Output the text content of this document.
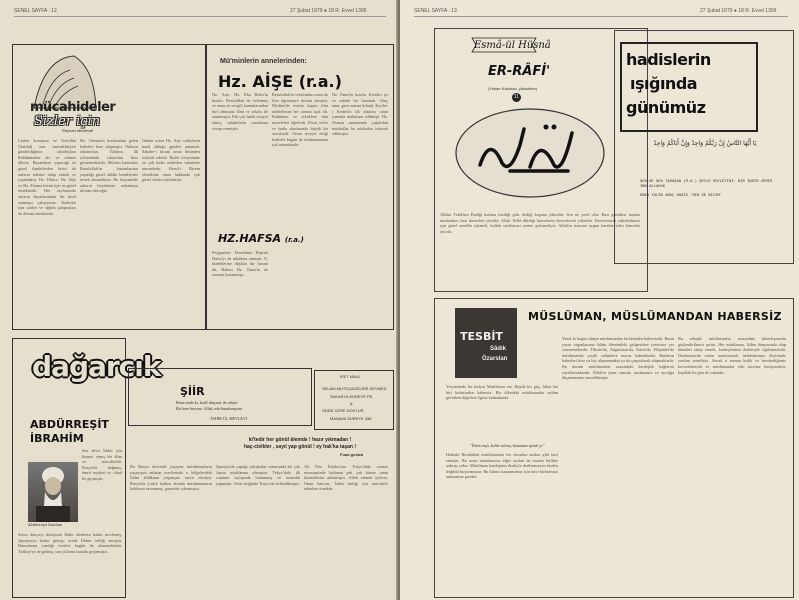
SENEL SAYFA : 12	27 Şubat 1979 ● 18 R. Evvel 1399
mücahideler
Sizler için
Reyhan Mevlendi
Lütfen konuşma ve Gavrillai Ümithd) nun muvaffakiyeti gönderdiğimiz arkadaşlara Rabbimizden afv ve rahmet dileriz. Bayanların yapacağı en güzel ibadetlerden birisi de onların izlerini takip etmek ve yaşamaktır. Hz. Hatice, Hz. Aişe ve Hz. Fatıma bizim için en güzel örneklerdir. Her sayfamızda onların hayatlarından bir kesit sunmaya çalışıyoruz. Kadınlar için sohbet ve eğitim çalışmaları da devam etmektedir.
Hz. Osman'ın kızlarından gelen haberler bize ulaşmıştır. Onların anlatımları, İslâmın ilk yıllarındaki sıkıntıları bize göstermektedir. Mü'min hanımlar, Resulullah'ın hanımlarının yaşadığı güzel ahlâkı kendilerine örnek almalıdırlar. Bu köşemizde onların hayatlarını anlatmaya devam edeceğiz.
Ondan sonra Hz. Aişe vahiylerin nazil olduğu günleri anlatırdı. Sahabe-i kiram onun ilminden istifade ederdi. Hadis rivayetinde en çok hadis nakleden sahabeler arasındadır. Resul-i Ekrem efendimiz onun hakkında çok güzel sözler söylemiştir.
Mü'minlerin annelerinden:
Hz. AİŞE (r.a.)
Hz. Aişe, Hz. Ebu Bekir'in kızıdır. Resulullah ile evlenmiş ve onun en sevgili hanımlarından biri olmuştur. İlmi ve zekâsı ile tanınmıştır. Pek çok hadis rivayet etmiş, sahabelerin sorularına cevap vermiştir.
Resulullah'ın vefatından sonra da ilim öğretmeye devam etmiştir. Medine'de evinin kapısı ilim talebelerine her zaman açık idi. Kadınlara ve erkeklere dini meseleleri öğretirdi. Fıkıh, tefsir ve hadis alanlarında büyük bir otoriteydi. Onun rivayet ettiği hadisler bugün de müslümanlara ışık tutmaktadır.
Hz. Ömer'in kızıdır. Kendisi iyi ve zahide bir hanımdı. Oruç tutar, gece namaz kılardı. Kur'ân-ı Kerim'in ilk nüshası onun yanında muhafaza edilmişti. Hz. Osman zamanında çoğaltılan mushaflar bu nüshadan istinsah edilmiştir.
HZ.HAFSA (r.a.)
Peygamber Efendimiz Hazreti Hafsa'yı da nikâhına almıştır. O, ibadetlerine düşkün bir hanım idi. Babası Hz. Ömer'in de rızasını kazanmıştı.
dağarcık
ABDÜRREŞİT
İBRAHİM
Sen devri İslâm için hizmet etmiş bir âlim ve mücahiddir. Rusya'da doğmuş, ömrü seyahat ve cihad ile geçmiştir.
Abdürreşit İbrahim
Sonra dünyayı dolaşarak İslâm âleminin halini incelemiş, Japonya'ya kadar gitmiş, orada İslâmı tebliğ etmiştir. Hatıralarını yazdığı eserleri bugün de okunmaktadır. Türkiye'ye de gelmiş, son yıllarını burada geçirmiştir.
ŞİİR
Biraz mide ki, korff dinçmiz ile rahiye
Bir kere beyonu: Allah, ede bazalımayım.
TAHİR ÜL MEVLEVİ
İFET MİALİ
SELAM MUTEÇAVİZLERİ DEVMEZ.
SAKARYA SÜREYE PE.
&
ÜNDE CERE DOKTUR.
MANAVA SÜREYE 288
ki'tedir her gönül âlemde ! hazır yıkmadan !
haç-cielkler , sayıl yap gönül ! ey hak'ka taşan !
Fuad gestza
Bu Rusya devrinde yaşayan müslümanların yaşayışını anlatan eserlerinde, o bölgelerdeki İslâm ahlâkının yaşanışını tasvir etmiştir. Rusya'da Çarlık baskısı altında müslümanların haklarını savunmuş, gazeteler çıkarmıştır.
Japonya'da yaptığı çalışmalar sonucunda bir çok Japon müslüman olmuştur. Tokyo'daki ilk caminin açılışında bulunmuş ve imamlık yapmıştır. Vefat ettiğinde Tokyo'da defnedilmiştir.
Ali Ebu Kitabcı'nın Tokyo'daki cenaze merasiminde bulunan pek çok kimse onun hizmetlerini anlatmıştır. Allah rahmet eylesin. Onun hatırası, İslâm birliği için mücadele edenlere örnektir.
SENEL SAYFA : 13	27 Şubat 1979 ● 18 R. Evvel 1399
Esmâ-ül Hüsnâ
ER-RÂFİ'
(Yukarı Kaldıran, yükselten)
11
Allahu Teâlâ'nın Hadiği kulunu istediği gibi, dediği kuşunu yükseltir. Sen ne yerel olsa. Bazı gönülleri imanla nurlandırır, bazı kimseleri yüceltir. Allah Teâlâ dilediği kimselerin derecelerini yükseltir. Derecemizin yükseltilmesi için güzel ameller işlemeli, kulluk vazifemizi yerine getirmeliyiz. Allah'ın rızasına uygun hareket eden kimseler yücelir.
hadislerin
ışığında
günümüz
يَا أَيُّهَا النَّاسُ إِنَّ رَبَّكُمْ وَاحِدٌ وَإِنَّ أَبَاكُمْ وَاحِدٌ
SEN DE SEN TARAŞAN (R.A.) ŞEYLE SÖYLEYİNİ: BİR İNDİR ZEMİR İBN ALLAHUK
EBBA YALİN AMAÇ HADİS 'SEN DE BİZİM'
TESBİT
Sâdık
Özarslan
MÜSLÜMAN, MÜSLÜMANDAN HABERSİZ
Yeryüzünde bir milyar Müslüman var. Büyük bir güç, fakat her biri birbirinden habersiz. Bir ülkedeki müslümanlar zulüm görürken diğerleri ilgisiz kalmaktadır.
"Dinin nisfı, kalıbı salinu, bunantan işinde ye"
Halbuki Resulullah müslümanları bir vücudun azaları gibi tarif etmiştir. Bir azası hastalanınca diğer azaları da onunla birlikte ızdırap çeker. Müslüman kardeşinin derdiyle dertlenmeyen bizden değildir buyurmuştur. Bu bilinci kazanmamız için önce birbirimizi tanımamız gerekir.
Yazık ki bugün dünya müslümanları birbirinden habersizdir. Basın yayın organlarımız İslâm âlemindeki gelişmelere yeterince yer vermemektedir. Filistin'de, Afganistan'da, Eritre'de, Filipinler'de müslümanlar çeşitli zulümlere maruz kalmaktadır. Bunların haberleri bize ya hiç ulaşmamakta ya da çarpıtılarak ulaşmaktadır. Bu durum müslümanlar arasındaki kardeşlik bağlarını zayıflatmaktadır. Allah'ın ipine sımsıkı sarılmamız ve ayrılığa düşmememiz emredilmiştir.
Bu sebeple müslümanlar arasındaki haberleşmenin güçlendirilmesi şarttır. Her müslüman, İslâm dünyasında olup bitenleri takip etmeli, kardeşlerinin dertleriyle ilgilenmelidir. Dualarımızda onları unutmamalı, imkânlarımız ölçüsünde yardım etmeliyiz. Ancak o zaman birlik ve beraberliğimiz kuvvetlenecek ve müslümanlar eski izzetine kavuşacaktır. İnşallah bu gün de yakındır.
